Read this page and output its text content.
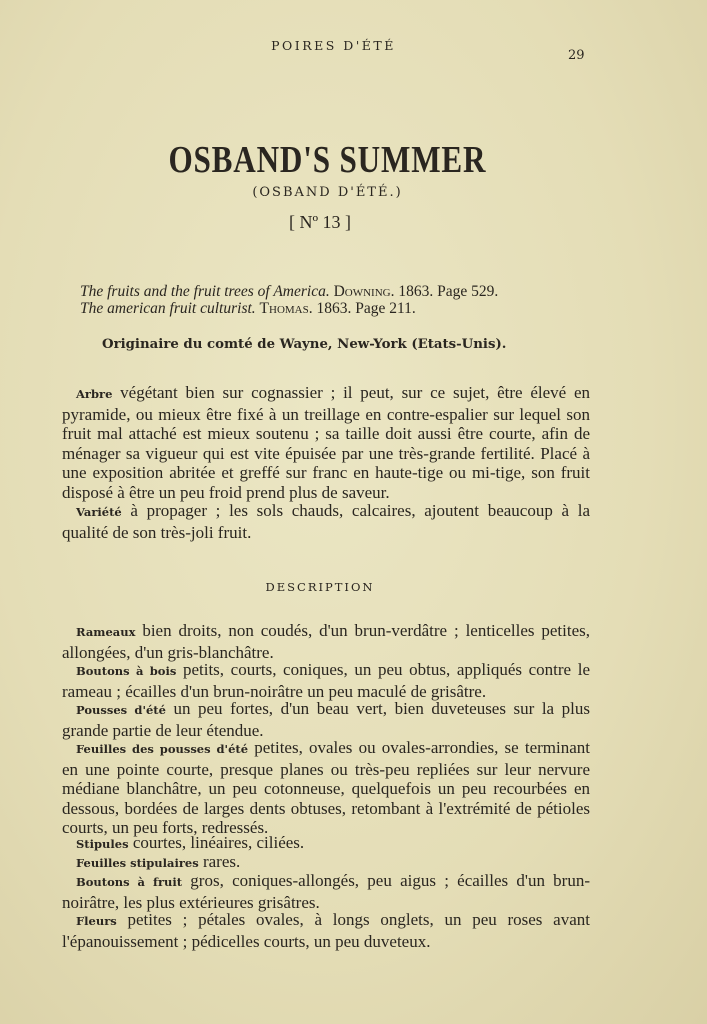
POIRES D'ÉTÉ
29
OSBAND'S SUMMER
(OSBAND D'ÉTÉ.)
[ Nº 13 ]
The fruits and the fruit trees of America. Downing. 1863. Page 529.
The american fruit culturist. Thomas. 1863. Page 211.
Originaire du comté de Wayne, New-York (Etats-Unis).

Arbre végétant bien sur cognassier ; il peut, sur ce sujet, être élevé en pyramide, ou mieux être fixé à un treillage en contre-espalier sur lequel son fruit mal attaché est mieux soutenu ; sa taille doit aussi être courte, afin de ménager sa vigueur qui est vite épuisée par une très-grande fertilité. Placé à une exposition abritée et greffé sur franc en haute-tige ou mi-tige, son fruit disposé à être un peu froid prend plus de saveur.

Variété à propager ; les sols chauds, calcaires, ajoutent beaucoup à la qualité de son très-joli fruit.

DESCRIPTION

Rameaux bien droits, non coudés, d'un brun-verdâtre ; lenticelles petites, allongées, d'un gris-blanchâtre.

Boutons à bois petits, courts, coniques, un peu obtus, appliqués contre le rameau ; écailles d'un brun-noirâtre un peu maculé de grisâtre.

Pousses d'été un peu fortes, d'un beau vert, bien duveteuses sur la plus grande partie de leur étendue.

Feuilles des pousses d'été petites, ovales ou ovales-arrondies, se terminant en une pointe courte, presque planes ou très-peu repliées sur leur nervure médiane blanchâtre, un peu cotonneuse, quelquefois un peu recourbées en dessous, bordées de larges dents obtuses, retombant à l'extrémité de pétioles courts, un peu forts, redressés.

Stipules courtes, linéaires, ciliées.

Feuilles stipulaires rares.

Boutons à fruit gros, coniques-allongés, peu aigus ; écailles d'un brun-noirâtre, les plus extérieures grisâtres.

Fleurs petites ; pétales ovales, à longs onglets, un peu roses avant l'épanouissement ; pédicelles courts, un peu duveteux.
